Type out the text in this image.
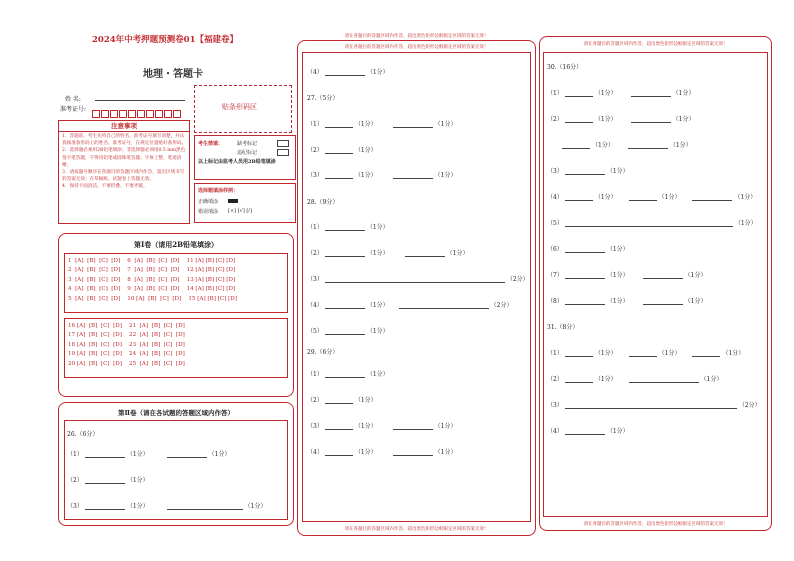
2024年中考押题预测卷01【福建卷】
地理・答题卡
姓 名:
准考证号:	贴条形码区
注意事项
1．答题前，考生先将自己的姓名，准考证号填写清楚，并认真核准条形码上的姓名、准考证号，在规定位置贴好条形码。
2．选择题必须用2B铅笔填涂；非选择题必须用0.5 mm黑色签字笔答题，不得用铅笔或圆珠笔答题；字体工整、笔迹清晰。
3．请按题号顺序在各题目的答题区域内作答，超出区域书写的答案无效；在草稿纸、试题卷上答题无效。
4．保持卡面清洁，不要折叠、不要弄破。
考生禁填：	缺考标记
违纪标记
以上标记由监考人员用2B铅笔填涂
选择题填涂样例：
正确填涂
错误填涂 [×] [√] [/]
第Ⅰ卷（请用2B铅笔填涂）
1  [A]  [B]  [C]  [D]    6  [A]  [B]  [C]  [D]    11 [A] [B] [C] [D]
2  [A]  [B]  [C]  [D]    7  [A]  [B]  [C]  [D]    12 [A] [B] [C] [D]
3  [A]  [B]  [C]  [D]    8  [A]  [B]  [C]  [D]    13 [A] [B] [C] [D]
4  [A]  [B]  [C]  [D]    9  [A]  [B]  [C]  [D]    14 [A] [B] [C] [D]
5  [A]  [B]  [C]  [D]    10 [A]  [B]  [C]  [D]    15 [A] [B] [C] [D]
16 [A]  [B]  [C]  [D]    21  [A]  [B]  [C]  [D]
17 [A]  [B]  [C]  [D]    22  [A]  [B]  [C]  [D]
18 [A]  [B]  [C]  [D]    23  [A]  [B]  [C]  [D]
19 [A]  [B]  [C]  [D]    24  [A]  [B]  [C]  [D]
20 [A]  [B]  [C]  [D]    25  [A]  [B]  [C]  [D]
第Ⅱ卷（请在各试题的答题区域内作答）
26.（6分）
（1）	（1分）	（1分）
（2）	（1分）
（3）	（1分）	（1分）
请在各题目的答题区域内作答，超出黑色矩形边框限定区域的答案无效！
请在各题目的答题区域内作答，超出黑色矩形边框限定区域的答案无效！
请在各题目的答题区域内作答，超出黑色矩形边框限定区域的答案无效！
（4）	（1分）
27.（5分）
（1）	（1分）	（1分）
（2）	（1分）
（3）	（1分）	（1分）
28.（9分）
（1）	（1分）
（2）	（1分）	（1分）
（3）	（2分）
（4）	（1分）	（2分）
（5）	（1分）
29.（6分）
（1）	（1分）
（2）	（1分）
（3）	（1分）	（1分）
（4）	（1分）	（1分）
请在各题目的答题区域内作答，超出黑色矩形边框限定区域的答案无效！
请在各题目的答题区域内作答，超出黑色矩形边框限定区域的答案无效！
30.（16分）
（1）	（1分）	（1分）
（2）	（1分）	（1分）
（1分）	（1分）
（3）	（1分）
（4）	（1分）	（1分）	（1分）
（5）	（1分）
（6）	（1分）
（7）	（1分）	（1分）
（8）	（1分）	（1分）
31.（8分）
（1）	（1分）	（1分）	（1分）
（2）	（1分）	（1分）
（3）	（2分）
（4）	（1分）
